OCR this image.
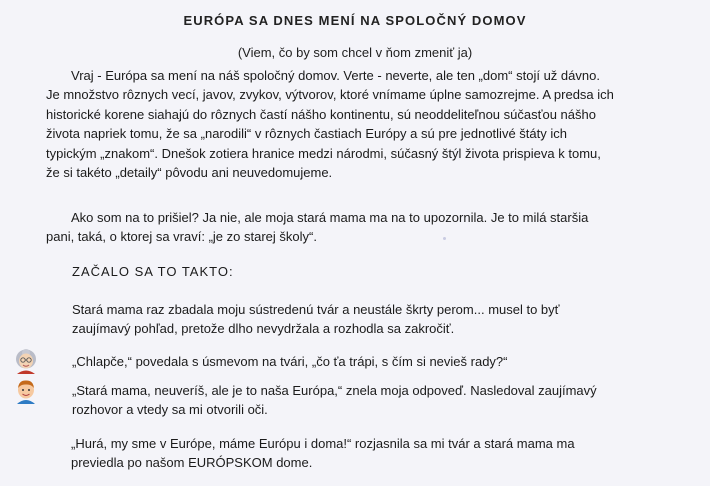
EURÓPA SA DNES MENÍ NA SPOLOČNÝ DOMOV
(Viem, čo by som chcel v ňom zmeniť ja)
Vraj - Európa sa mení na náš spoločný domov. Verte - neverte, ale ten „dom“ stojí už dávno.
Je množstvo rôznych vecí, javov, zvykov, výtvorov, ktoré vnímame úplne samozrejme. A predsa ich
historické korene siahajú do rôznych častí nášho kontinentu, sú neoddeliteľnou súčasťou nášho
života napriek tomu, že sa „narodili“ v rôznych častiach Európy a sú pre jednotlivé štáty ich
typickým „znakom“. Dnešok zotiera hranice medzi národmi, súčasný štýl života prispieva k tomu,
že si takéto „detaily“ pôvodu ani neuvedomujeme.
Ako som na to prišiel? Ja nie, ale moja stará mama ma na to upozornila. Je to milá staršia
pani, taká, o ktorej sa vraví: „je zo starej školy“.
ZAČALO SA TO TAKTO:
Stará mama raz zbadala moju sústredenú tvár a neustále škrty perom... musel to byť
zaujímavý pohľad, pretože dlho nevydržala a rozhodla sa zakročiť.
„Chlapče,“ povedala s úsmevom na tvári, „čo ťa trápi, s čím si nevieš rady?“
„Stará mama, neuveríš, ale je to naša Európa,“ znela moja odpoveď. Nasledoval zaujímavý
rozhovor a vtedy sa mi otvorili oči.
„Hurá, my sme v Európe, máme Európu i doma!“ rozjasnila sa mi tvár a stará mama ma
previedla po našom EURÓPSKOM dome.
